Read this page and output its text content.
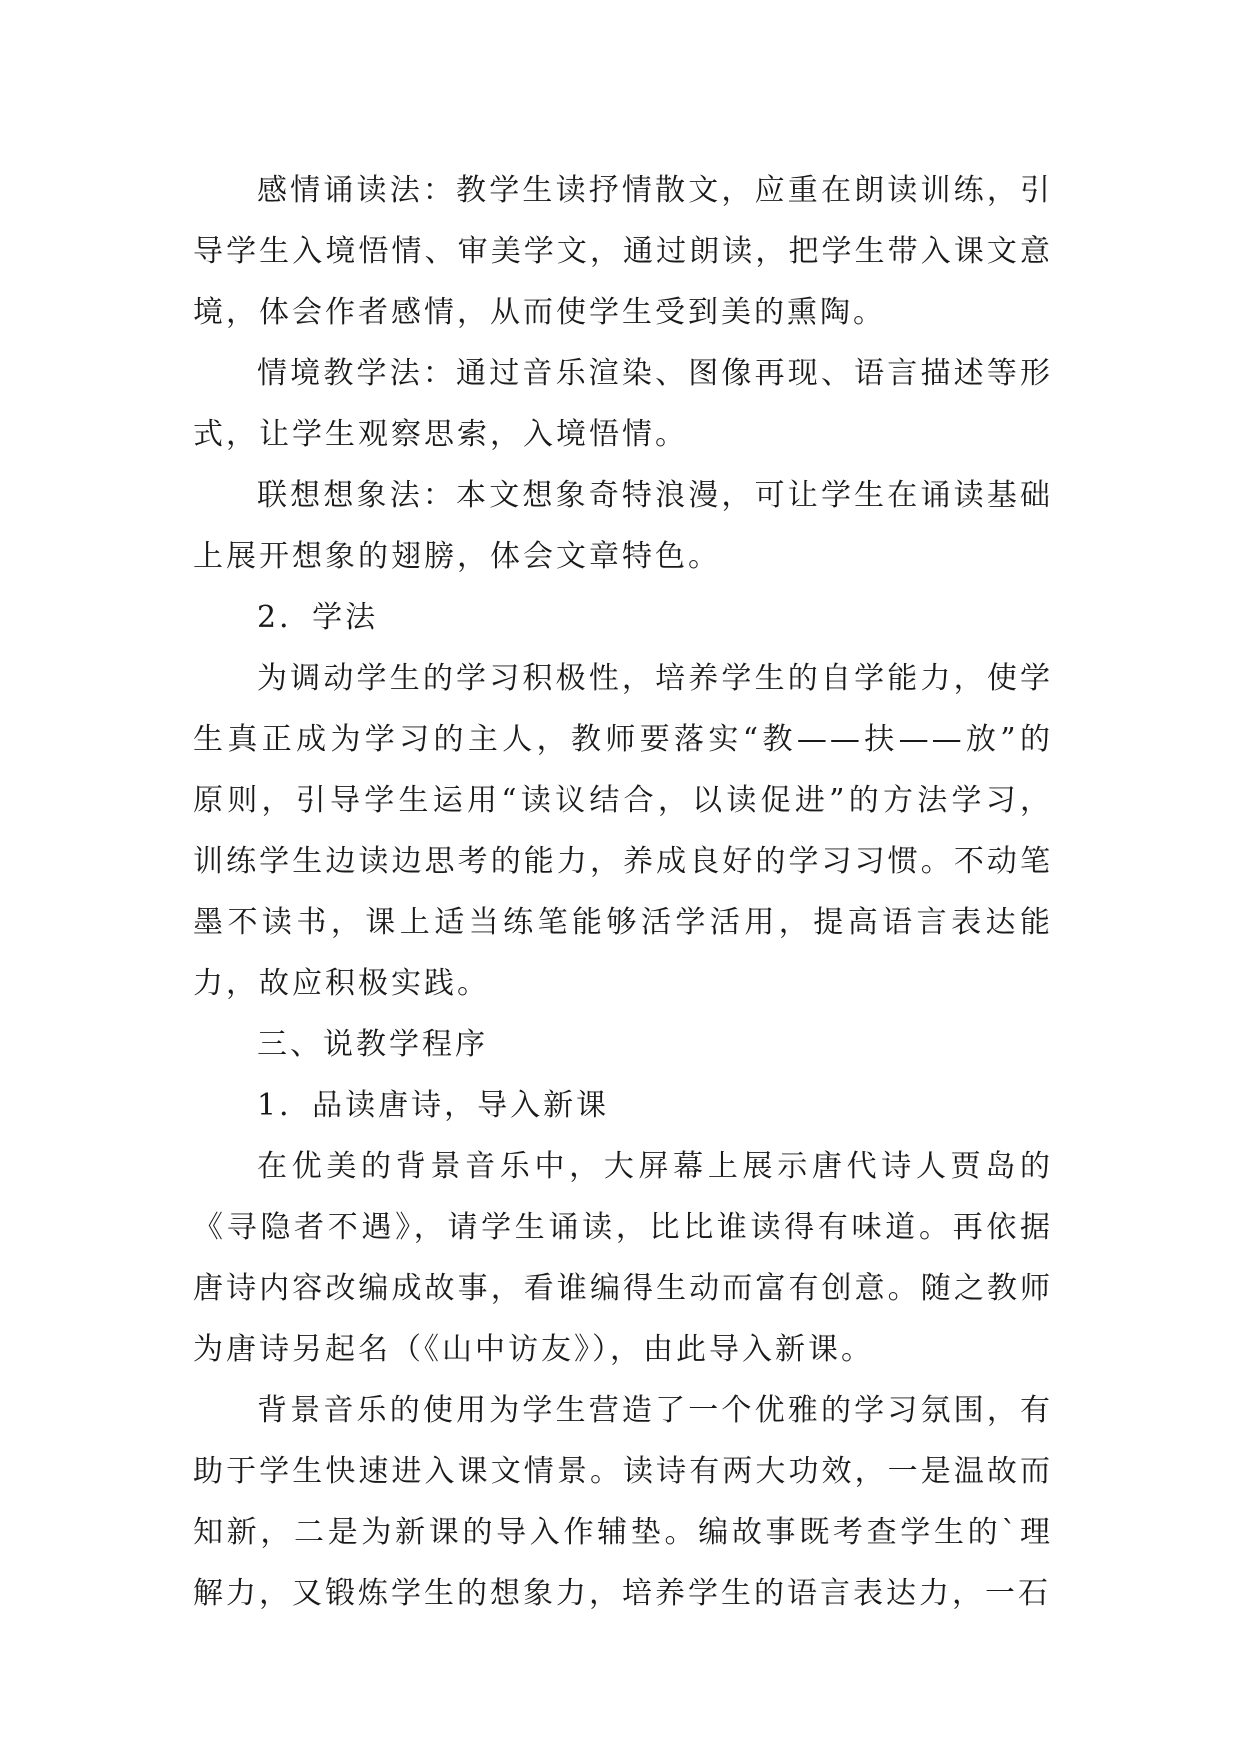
感情诵读法：教学生读抒情散文，应重在朗读训练，引导学生入境悟情、审美学文，通过朗读，把学生带入课文意境，体会作者感情，从而使学生受到美的熏陶。

情境教学法：通过音乐渲染、图像再现、语言描述等形式，让学生观察思索，入境悟情。

联想想象法：本文想象奇特浪漫，可让学生在诵读基础上展开想象的翅膀，体会文章特色。

2．学法

为调动学生的学习积极性，培养学生的自学能力，使学生真正成为学习的主人，教师要落实“教——扶——放”的原则，引导学生运用“读议结合，以读促进”的方法学习，训练学生边读边思考的能力，养成良好的学习习惯。不动笔墨不读书，课上适当练笔能够活学活用，提高语言表达能力，故应积极实践。

三、说教学程序

1．品读唐诗，导入新课

在优美的背景音乐中，大屏幕上展示唐代诗人贾岛的《寻隐者不遇》，请学生诵读，比比谁读得有味道。再依据唐诗内容改编成故事，看谁编得生动而富有创意。随之教师为唐诗另起名（《山中访友》），由此导入新课。

背景音乐的使用为学生营造了一个优雅的学习氛围，有助于学生快速进入课文情景。读诗有两大功效，一是温故而知新，二是为新课的导入作辅垫。编故事既考查学生的`理解力，又锻炼学生的想象力，培养学生的语言表达力，一石
